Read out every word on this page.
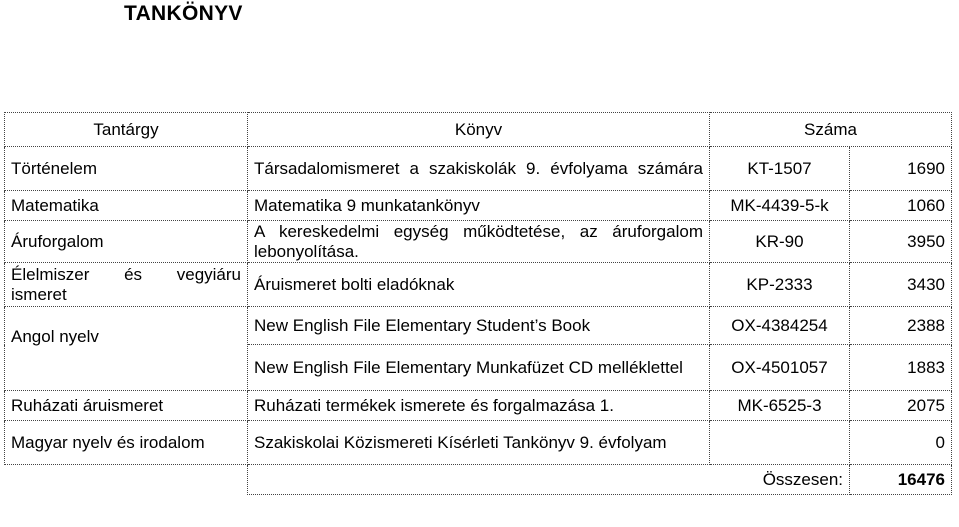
TANKÖNYV
Tantárgy	Könyv	Száma	
Történelem	Társadalomismeret a szakiskolák 9. évfolyama számára	KT-1507	1690
Matematika	Matematika 9 munkatankönyv	MK-4439-5-k	1060
Áruforgalom	A kereskedelmi egység működtetése, az áruforgalom lebonyolítása.	KR-90	3950
Élelmiszer és vegyiáru ismeret	Áruismeret bolti eladóknak	KP-2333	3430
Angol nyelv	New English File Elementary Student’s Book	OX-4384254	2388
	New English File Elementary Munkafüzet CD melléklettel	OX-4501057	1883
Ruházati áruismeret	Ruházati termékek ismerete és forgalmazása 1.	MK-6525-3	2075
Magyar nyelv és irodalom	Szakiskolai Közismereti Kísérleti Tankönyv 9. évfolyam		0
	Összesen:		16476
